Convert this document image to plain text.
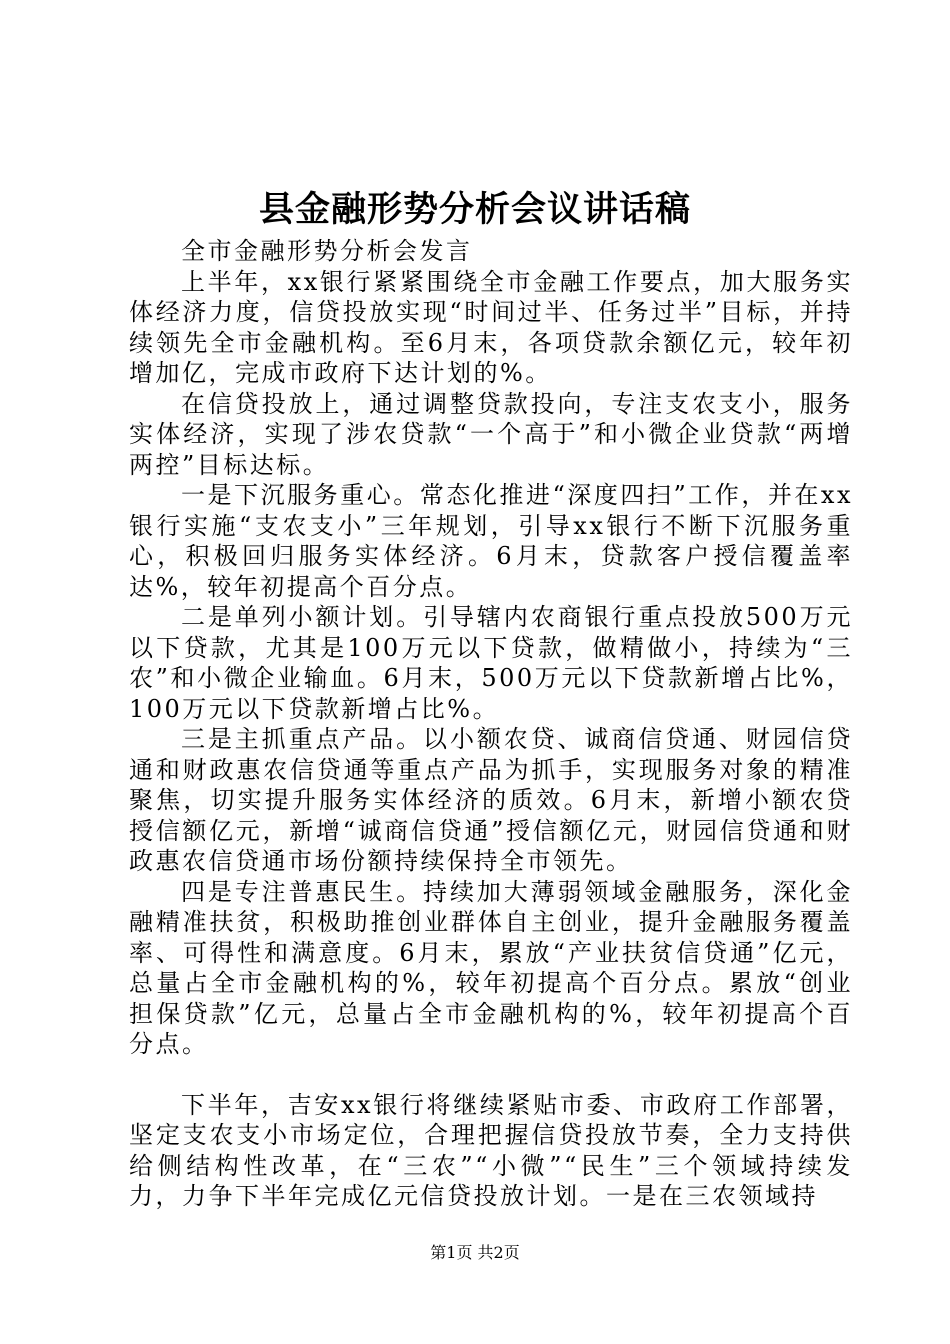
县金融形势分析会议讲话稿

全市金融形势分析会发言

上半年，xx银行紧紧围绕全市金融工作要点，加大服务实体经济力度，信贷投放实现“时间过半、任务过半”目标，并持续领先全市金融机构。至6月末，各项贷款余额亿元，较年初增加亿，完成市政府下达计划的%。

在信贷投放上，通过调整贷款投向，专注支农支小，服务实体经济，实现了涉农贷款“一个高于”和小微企业贷款“两增两控”目标达标。

一是下沉服务重心。常态化推进“深度四扫”工作，并在xx银行实施“支农支小”三年规划，引导xx银行不断下沉服务重心，积极回归服务实体经济。6月末，贷款客户授信覆盖率达%，较年初提高个百分点。

二是单列小额计划。引导辖内农商银行重点投放500万元以下贷款，尤其是100万元以下贷款，做精做小，持续为“三农”和小微企业输血。6月末，500万元以下贷款新增占比%，100万元以下贷款新增占比%。

三是主抓重点产品。以小额农贷、诚商信贷通、财园信贷通和财政惠农信贷通等重点产品为抓手，实现服务对象的精准聚焦，切实提升服务实体经济的质效。6月末，新增小额农贷授信额亿元，新增“诚商信贷通”授信额亿元，财园信贷通和财政惠农信贷通市场份额持续保持全市领先。

四是专注普惠民生。持续加大薄弱领域金融服务，深化金融精准扶贫，积极助推创业群体自主创业，提升金融服务覆盖率、可得性和满意度。6月末，累放“产业扶贫信贷通”亿元，总量占全市金融机构的%，较年初提高个百分点。累放“创业担保贷款”亿元，总量占全市金融机构的%，较年初提高个百分点。

下半年，吉安xx银行将继续紧贴市委、市政府工作部署，坚定支农支小市场定位，合理把握信贷投放节奏，全力支持供给侧结构性改革，在“三农”“小微”“民生”三个领域持续发力，力争下半年完成亿元信贷投放计划。一是在三农领域持

第1页 共2页
